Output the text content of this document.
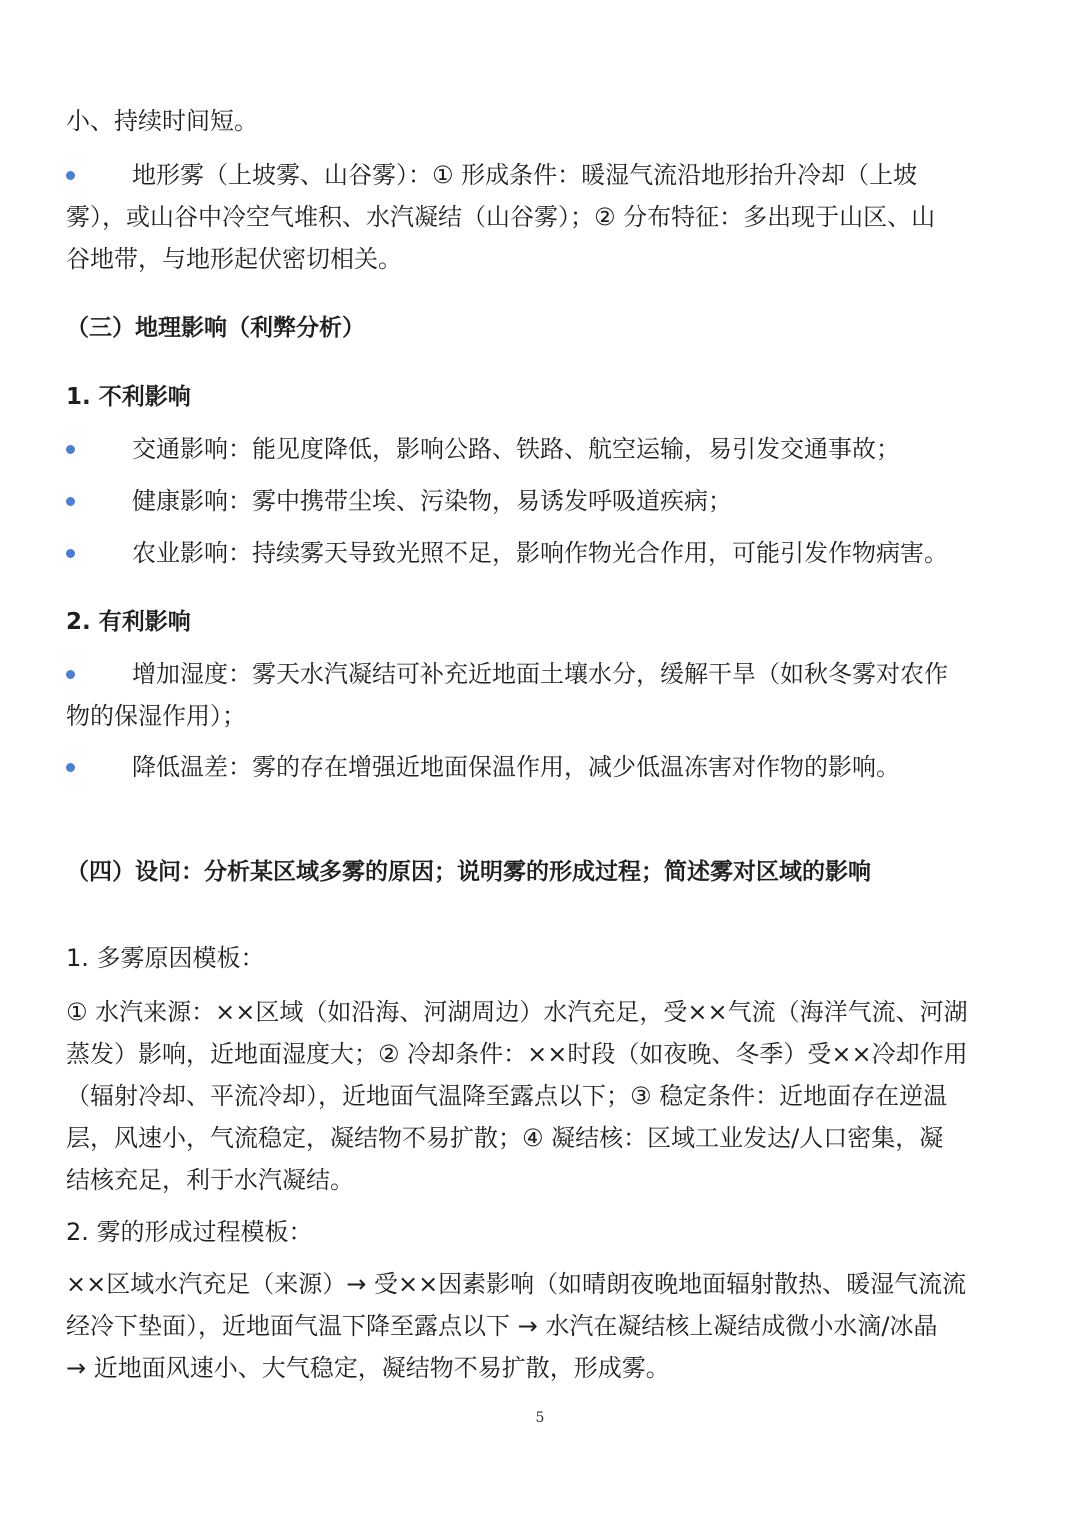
小、持续时间短。
地形雾（上坡雾、山谷雾）：① 形成条件：暖湿气流沿地形抬升冷却（上坡
雾），或山谷中冷空气堆积、水汽凝结（山谷雾）；② 分布特征：多出现于山区、山
谷地带，与地形起伏密切相关。
（三）地理影响（利弊分析）
1. 不利影响
交通影响：能见度降低，影响公路、铁路、航空运输，易引发交通事故；
健康影响：雾中携带尘埃、污染物，易诱发呼吸道疾病；
农业影响：持续雾天导致光照不足，影响作物光合作用，可能引发作物病害。
2. 有利影响
增加湿度：雾天水汽凝结可补充近地面土壤水分，缓解干旱（如秋冬雾对农作
物的保湿作用）；
降低温差：雾的存在增强近地面保温作用，减少低温冻害对作物的影响。
（四）设问：分析某区域多雾的原因；说明雾的形成过程；简述雾对区域的影响
1. 多雾原因模板：
① 水汽来源：××区域（如沿海、河湖周边）水汽充足，受××气流（海洋气流、河湖
蒸发）影响，近地面湿度大；② 冷却条件：××时段（如夜晚、冬季）受××冷却作用
（辐射冷却、平流冷却），近地面气温降至露点以下；③ 稳定条件：近地面存在逆温
层，风速小，气流稳定，凝结物不易扩散；④ 凝结核：区域工业发达/人口密集，凝
结核充足，利于水汽凝结。
2. 雾的形成过程模板：
××区域水汽充足（来源）→ 受××因素影响（如晴朗夜晚地面辐射散热、暖湿气流流
经冷下垫面），近地面气温下降至露点以下 → 水汽在凝结核上凝结成微小水滴/冰晶
→ 近地面风速小、大气稳定，凝结物不易扩散，形成雾。
5
